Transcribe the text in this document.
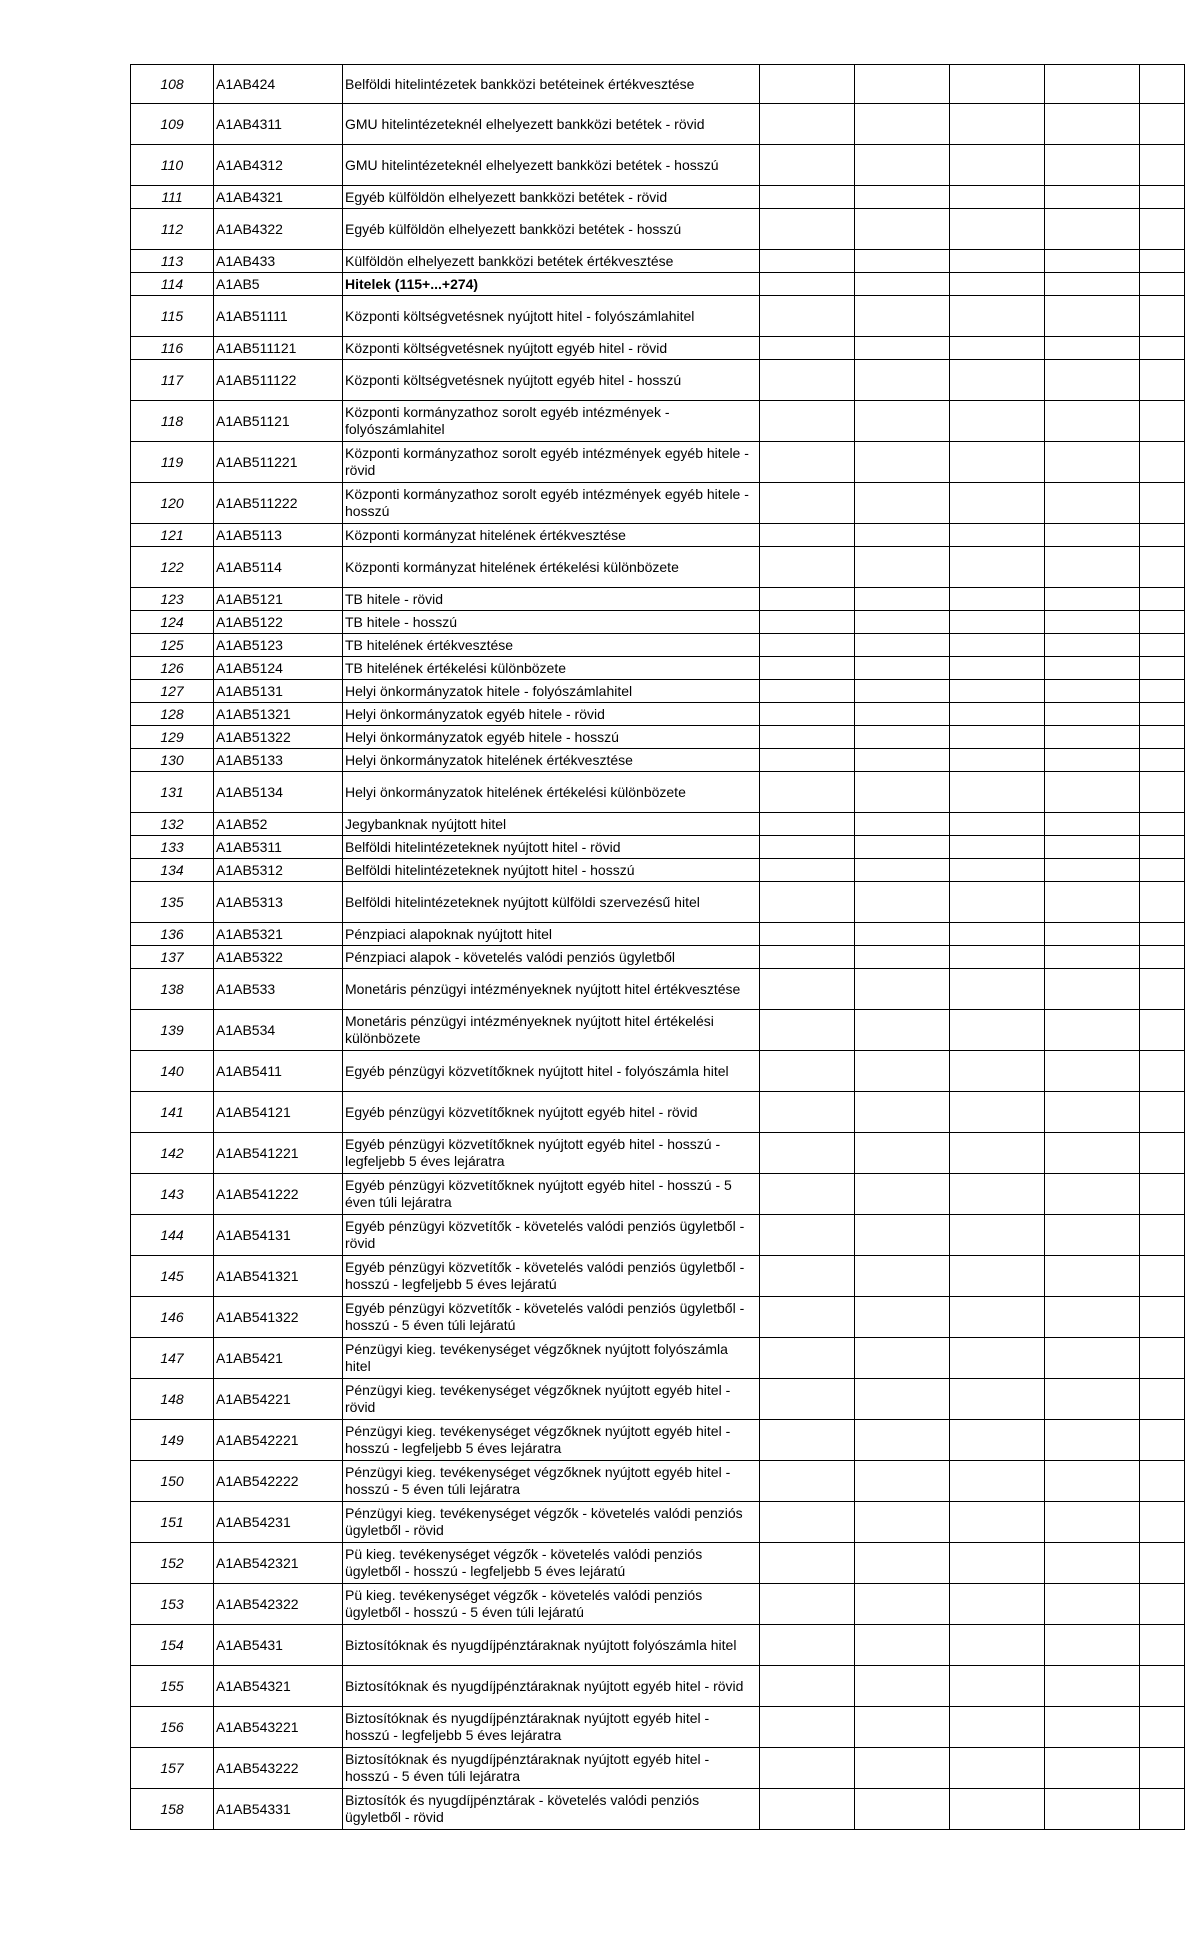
108	A1AB424	Belföldi hitelintézetek bankközi betéteinek értékvesztése					
109	A1AB4311	GMU hitelintézeteknél elhelyezett bankközi betétek - rövid					
110	A1AB4312	GMU hitelintézeteknél elhelyezett bankközi betétek - hosszú					
111	A1AB4321	Egyéb külföldön elhelyezett bankközi betétek - rövid					
112	A1AB4322	Egyéb külföldön elhelyezett bankközi betétek - hosszú					
113	A1AB433	Külföldön elhelyezett bankközi betétek értékvesztése					
114	A1AB5	Hitelek (115+...+274)					
115	A1AB51111	Központi költségvetésnek nyújtott hitel - folyószámlahitel					
116	A1AB511121	Központi költségvetésnek nyújtott egyéb hitel - rövid					
117	A1AB511122	Központi költségvetésnek nyújtott egyéb hitel - hosszú					
118	A1AB51121	Központi kormányzathoz sorolt egyéb intézmények - folyószámlahitel					
119	A1AB511221	Központi kormányzathoz sorolt egyéb intézmények egyéb hitele - rövid					
120	A1AB511222	Központi kormányzathoz sorolt egyéb intézmények egyéb hitele - hosszú					
121	A1AB5113	Központi kormányzat hitelének értékvesztése					
122	A1AB5114	Központi kormányzat hitelének értékelési különbözete					
123	A1AB5121	TB hitele - rövid					
124	A1AB5122	TB hitele - hosszú					
125	A1AB5123	TB hitelének értékvesztése					
126	A1AB5124	TB hitelének értékelési különbözete					
127	A1AB5131	Helyi önkormányzatok hitele - folyószámlahitel					
128	A1AB51321	Helyi önkormányzatok egyéb hitele - rövid					
129	A1AB51322	Helyi önkormányzatok egyéb hitele - hosszú					
130	A1AB5133	Helyi önkormányzatok hitelének értékvesztése					
131	A1AB5134	Helyi önkormányzatok hitelének értékelési különbözete					
132	A1AB52	Jegybanknak nyújtott hitel					
133	A1AB5311	Belföldi hitelintézeteknek nyújtott hitel - rövid					
134	A1AB5312	Belföldi hitelintézeteknek nyújtott hitel - hosszú					
135	A1AB5313	Belföldi hitelintézeteknek nyújtott külföldi szervezésű hitel					
136	A1AB5321	Pénzpiaci alapoknak nyújtott hitel					
137	A1AB5322	Pénzpiaci alapok - követelés valódi penziós ügyletből					
138	A1AB533	Monetáris pénzügyi intézményeknek nyújtott hitel értékvesztése					
139	A1AB534	Monetáris pénzügyi intézményeknek nyújtott hitel értékelési különbözete					
140	A1AB5411	Egyéb pénzügyi közvetítőknek nyújtott hitel - folyószámla hitel					
141	A1AB54121	Egyéb pénzügyi közvetítőknek nyújtott egyéb hitel - rövid					
142	A1AB541221	Egyéb pénzügyi közvetítőknek nyújtott egyéb hitel - hosszú - legfeljebb 5 éves lejáratra					
143	A1AB541222	Egyéb pénzügyi közvetítőknek nyújtott egyéb hitel - hosszú - 5 éven túli lejáratra					
144	A1AB54131	Egyéb pénzügyi közvetítők - követelés valódi penziós ügyletből - rövid					
145	A1AB541321	Egyéb pénzügyi közvetítők - követelés valódi penziós ügyletből - hosszú - legfeljebb 5 éves lejáratú					
146	A1AB541322	Egyéb pénzügyi közvetítők - követelés valódi penziós ügyletből - hosszú - 5 éven túli lejáratú					
147	A1AB5421	Pénzügyi kieg. tevékenységet végzőknek nyújtott folyószámla hitel					
148	A1AB54221	Pénzügyi kieg. tevékenységet végzőknek nyújtott egyéb hitel - rövid					
149	A1AB542221	Pénzügyi kieg. tevékenységet végzőknek nyújtott egyéb hitel - hosszú - legfeljebb 5 éves lejáratra					
150	A1AB542222	Pénzügyi kieg. tevékenységet végzőknek nyújtott egyéb hitel - hosszú - 5 éven túli lejáratra					
151	A1AB54231	Pénzügyi kieg. tevékenységet végzők - követelés valódi penziós ügyletből - rövid					
152	A1AB542321	Pü kieg. tevékenységet végzők - követelés valódi penziós ügyletből - hosszú - legfeljebb 5 éves lejáratú					
153	A1AB542322	Pü kieg. tevékenységet végzők - követelés valódi penziós ügyletből - hosszú - 5 éven túli lejáratú					
154	A1AB5431	Biztosítóknak és nyugdíjpénztáraknak nyújtott folyószámla hitel					
155	A1AB54321	Biztosítóknak és nyugdíjpénztáraknak nyújtott egyéb hitel - rövid					
156	A1AB543221	Biztosítóknak és nyugdíjpénztáraknak nyújtott egyéb hitel - hosszú - legfeljebb 5 éves lejáratra					
157	A1AB543222	Biztosítóknak és nyugdíjpénztáraknak nyújtott egyéb hitel - hosszú - 5 éven túli lejáratra					
158	A1AB54331	Biztosítók és nyugdíjpénztárak - követelés valódi penziós ügyletből - rövid					
